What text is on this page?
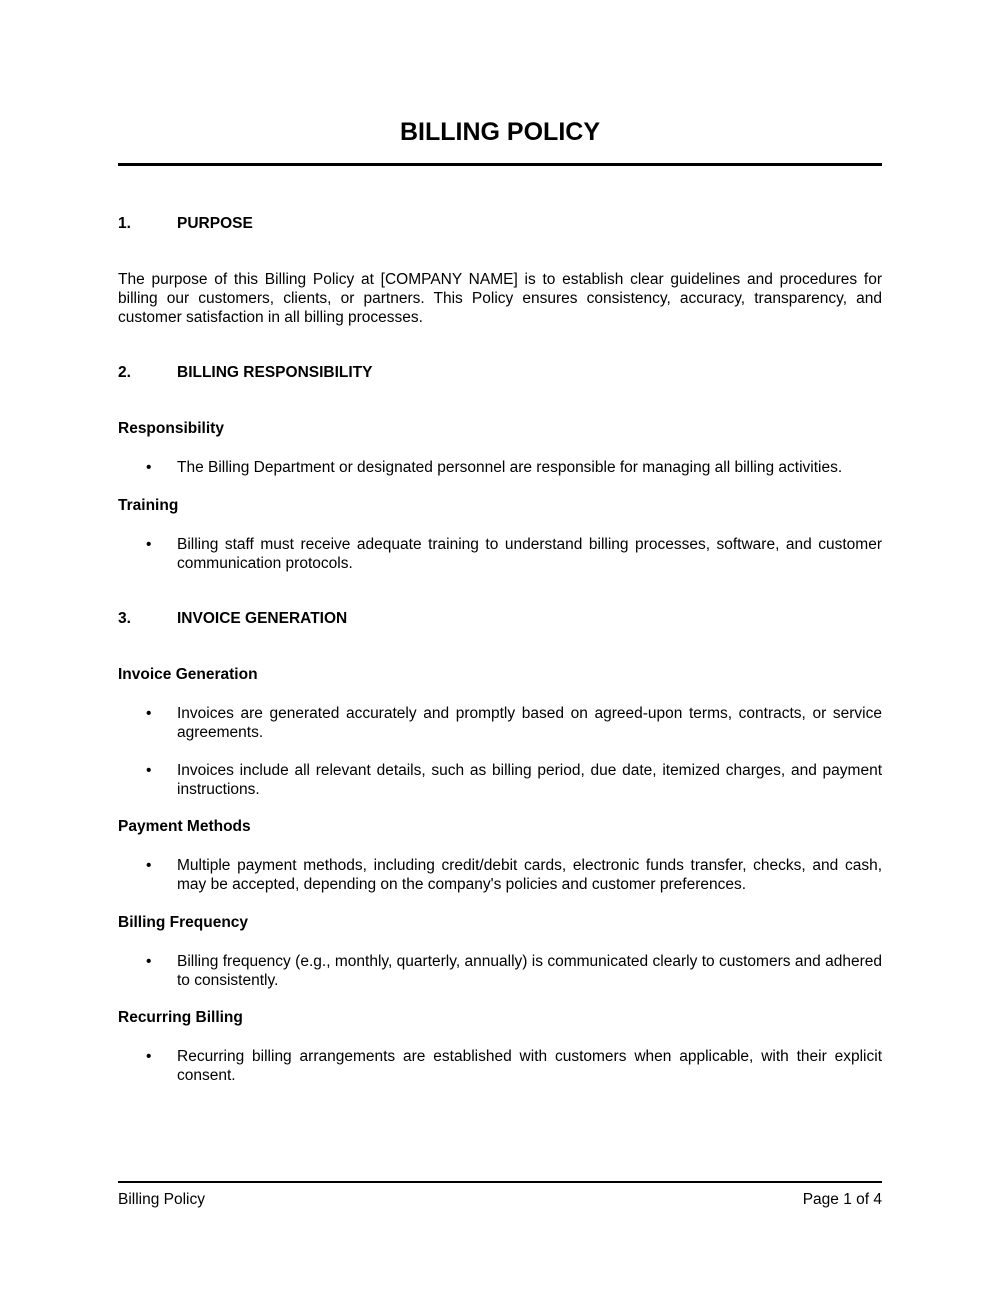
BILLING POLICY
1.	PURPOSE

The purpose of this Billing Policy at [COMPANY NAME] is to establish clear guidelines and procedures for billing our customers, clients, or partners. This Policy ensures consistency, accuracy, transparency, and customer satisfaction in all billing processes.

2.	BILLING RESPONSIBILITY
Responsibility
•	The Billing Department or designated personnel are responsible for managing all billing activities.
Training
•	Billing staff must receive adequate training to understand billing processes, software, and customer communication protocols.
3.	INVOICE GENERATION
Invoice Generation
•	Invoices are generated accurately and promptly based on agreed-upon terms, contracts, or service agreements.
•	Invoices include all relevant details, such as billing period, due date, itemized charges, and payment instructions.
Payment Methods
•	Multiple payment methods, including credit/debit cards, electronic funds transfer, checks, and cash, may be accepted, depending on the company's policies and customer preferences.
Billing Frequency
•	Billing frequency (e.g., monthly, quarterly, annually) is communicated clearly to customers and adhered to consistently.
Recurring Billing
•	Recurring billing arrangements are established with customers when applicable, with their explicit consent.
Billing Policy	Page 1 of 4
